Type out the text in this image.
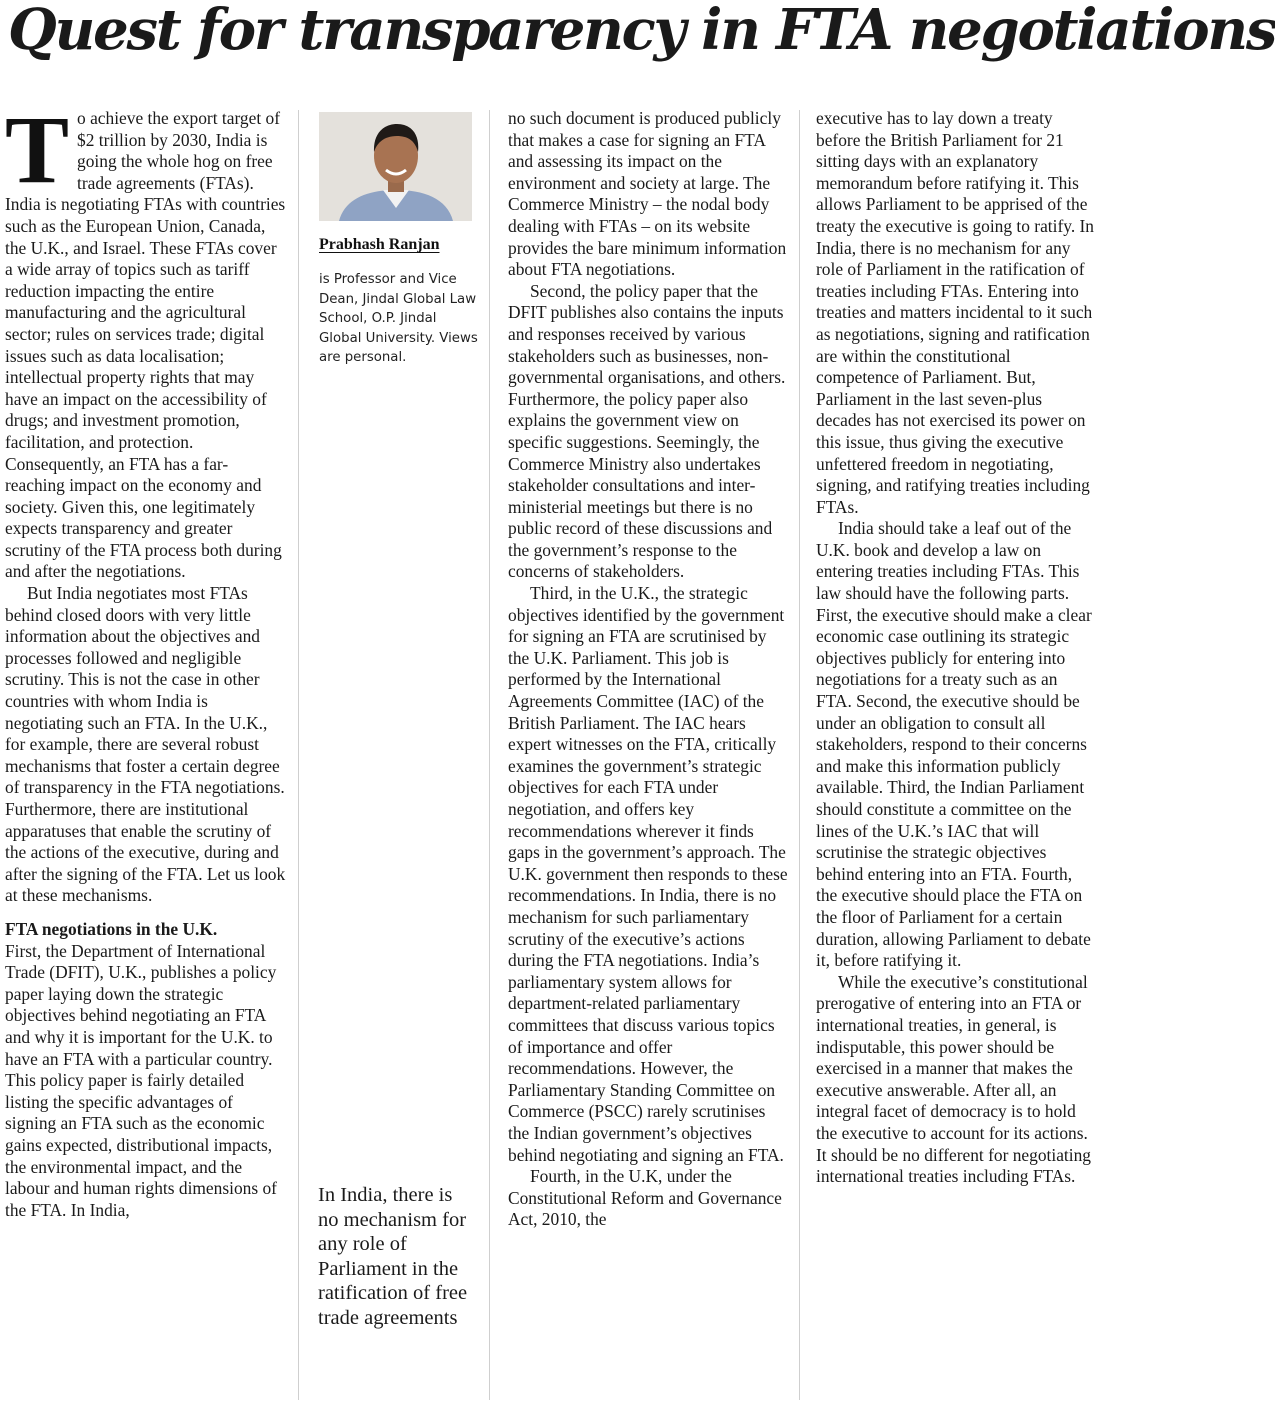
Quest for transparency in FTA negotiations

To achieve the export target of $2 trillion by 2030, India is going the whole hog on free trade agreements (FTAs). India is negotiating FTAs with countries such as the European Union, Canada, the U.K., and Israel. These FTAs cover a wide array of topics such as tariff reduction impacting the entire manufacturing and the agricultural sector; rules on services trade; digital issues such as data localisation; intellectual property rights that may have an impact on the accessibility of drugs; and investment promotion, facilitation, and protection. Consequently, an FTA has a far-reaching impact on the economy and society. Given this, one legitimately expects transparency and greater scrutiny of the FTA process both during and after the negotiations.

But India negotiates most FTAs behind closed doors with very little information about the objectives and processes followed and negligible scrutiny. This is not the case in other countries with whom India is negotiating such an FTA. In the U.K., for example, there are several robust mechanisms that foster a certain degree of transparency in the FTA negotiations. Furthermore, there are institutional apparatuses that enable the scrutiny of the actions of the executive, during and after the signing of the FTA. Let us look at these mechanisms.

FTA negotiations in the U.K.

First, the Department of International Trade (DFIT), U.K., publishes a policy paper laying down the strategic objectives behind negotiating an FTA and why it is important for the U.K. to have an FTA with a particular country. This policy paper is fairly detailed listing the specific advantages of signing an FTA such as the economic gains expected, distributional impacts, the environmental impact, and the labour and human rights dimensions of the FTA. In India,

Prabhash Ranjan

is Professor and Vice Dean, Jindal Global Law School, O.P. Jindal Global University. Views are personal.

In India, there is no mechanism for any role of Parliament in the ratification of free trade agreements

no such document is produced publicly that makes a case for signing an FTA and assessing its impact on the environment and society at large. The Commerce Ministry – the nodal body dealing with FTAs – on its website provides the bare minimum information about FTA negotiations.

Second, the policy paper that the DFIT publishes also contains the inputs and responses received by various stakeholders such as businesses, non-governmental organisations, and others. Furthermore, the policy paper also explains the government view on specific suggestions. Seemingly, the Commerce Ministry also undertakes stakeholder consultations and inter-ministerial meetings but there is no public record of these discussions and the government’s response to the concerns of stakeholders.

Third, in the U.K., the strategic objectives identified by the government for signing an FTA are scrutinised by the U.K. Parliament. This job is performed by the International Agreements Committee (IAC) of the British Parliament. The IAC hears expert witnesses on the FTA, critically examines the government’s strategic objectives for each FTA under negotiation, and offers key recommendations wherever it finds gaps in the government’s approach. The U.K. government then responds to these recommendations. In India, there is no mechanism for such parliamentary scrutiny of the executive’s actions during the FTA negotiations. India’s parliamentary system allows for department-related parliamentary committees that discuss various topics of importance and offer recommendations. However, the Parliamentary Standing Committee on Commerce (PSCC) rarely scrutinises the Indian government’s objectives behind negotiating and signing an FTA.

Fourth, in the U.K, under the Constitutional Reform and Governance Act, 2010, the

executive has to lay down a treaty before the British Parliament for 21 sitting days with an explanatory memorandum before ratifying it. This allows Parliament to be apprised of the treaty the executive is going to ratify. In India, there is no mechanism for any role of Parliament in the ratification of treaties including FTAs. Entering into treaties and matters incidental to it such as negotiations, signing and ratification are within the constitutional competence of Parliament. But, Parliament in the last seven-plus decades has not exercised its power on this issue, thus giving the executive unfettered freedom in negotiating, signing, and ratifying treaties including FTAs.

India should take a leaf out of the U.K. book and develop a law on entering treaties including FTAs. This law should have the following parts. First, the executive should make a clear economic case outlining its strategic objectives publicly for entering into negotiations for a treaty such as an FTA. Second, the executive should be under an obligation to consult all stakeholders, respond to their concerns and make this information publicly available. Third, the Indian Parliament should constitute a committee on the lines of the U.K.’s IAC that will scrutinise the strategic objectives behind entering into an FTA. Fourth, the executive should place the FTA on the floor of Parliament for a certain duration, allowing Parliament to debate it, before ratifying it.

While the executive’s constitutional prerogative of entering into an FTA or international treaties, in general, is indisputable, this power should be exercised in a manner that makes the executive answerable. After all, an integral facet of democracy is to hold the executive to account for its actions. It should be no different for negotiating international treaties including FTAs.
